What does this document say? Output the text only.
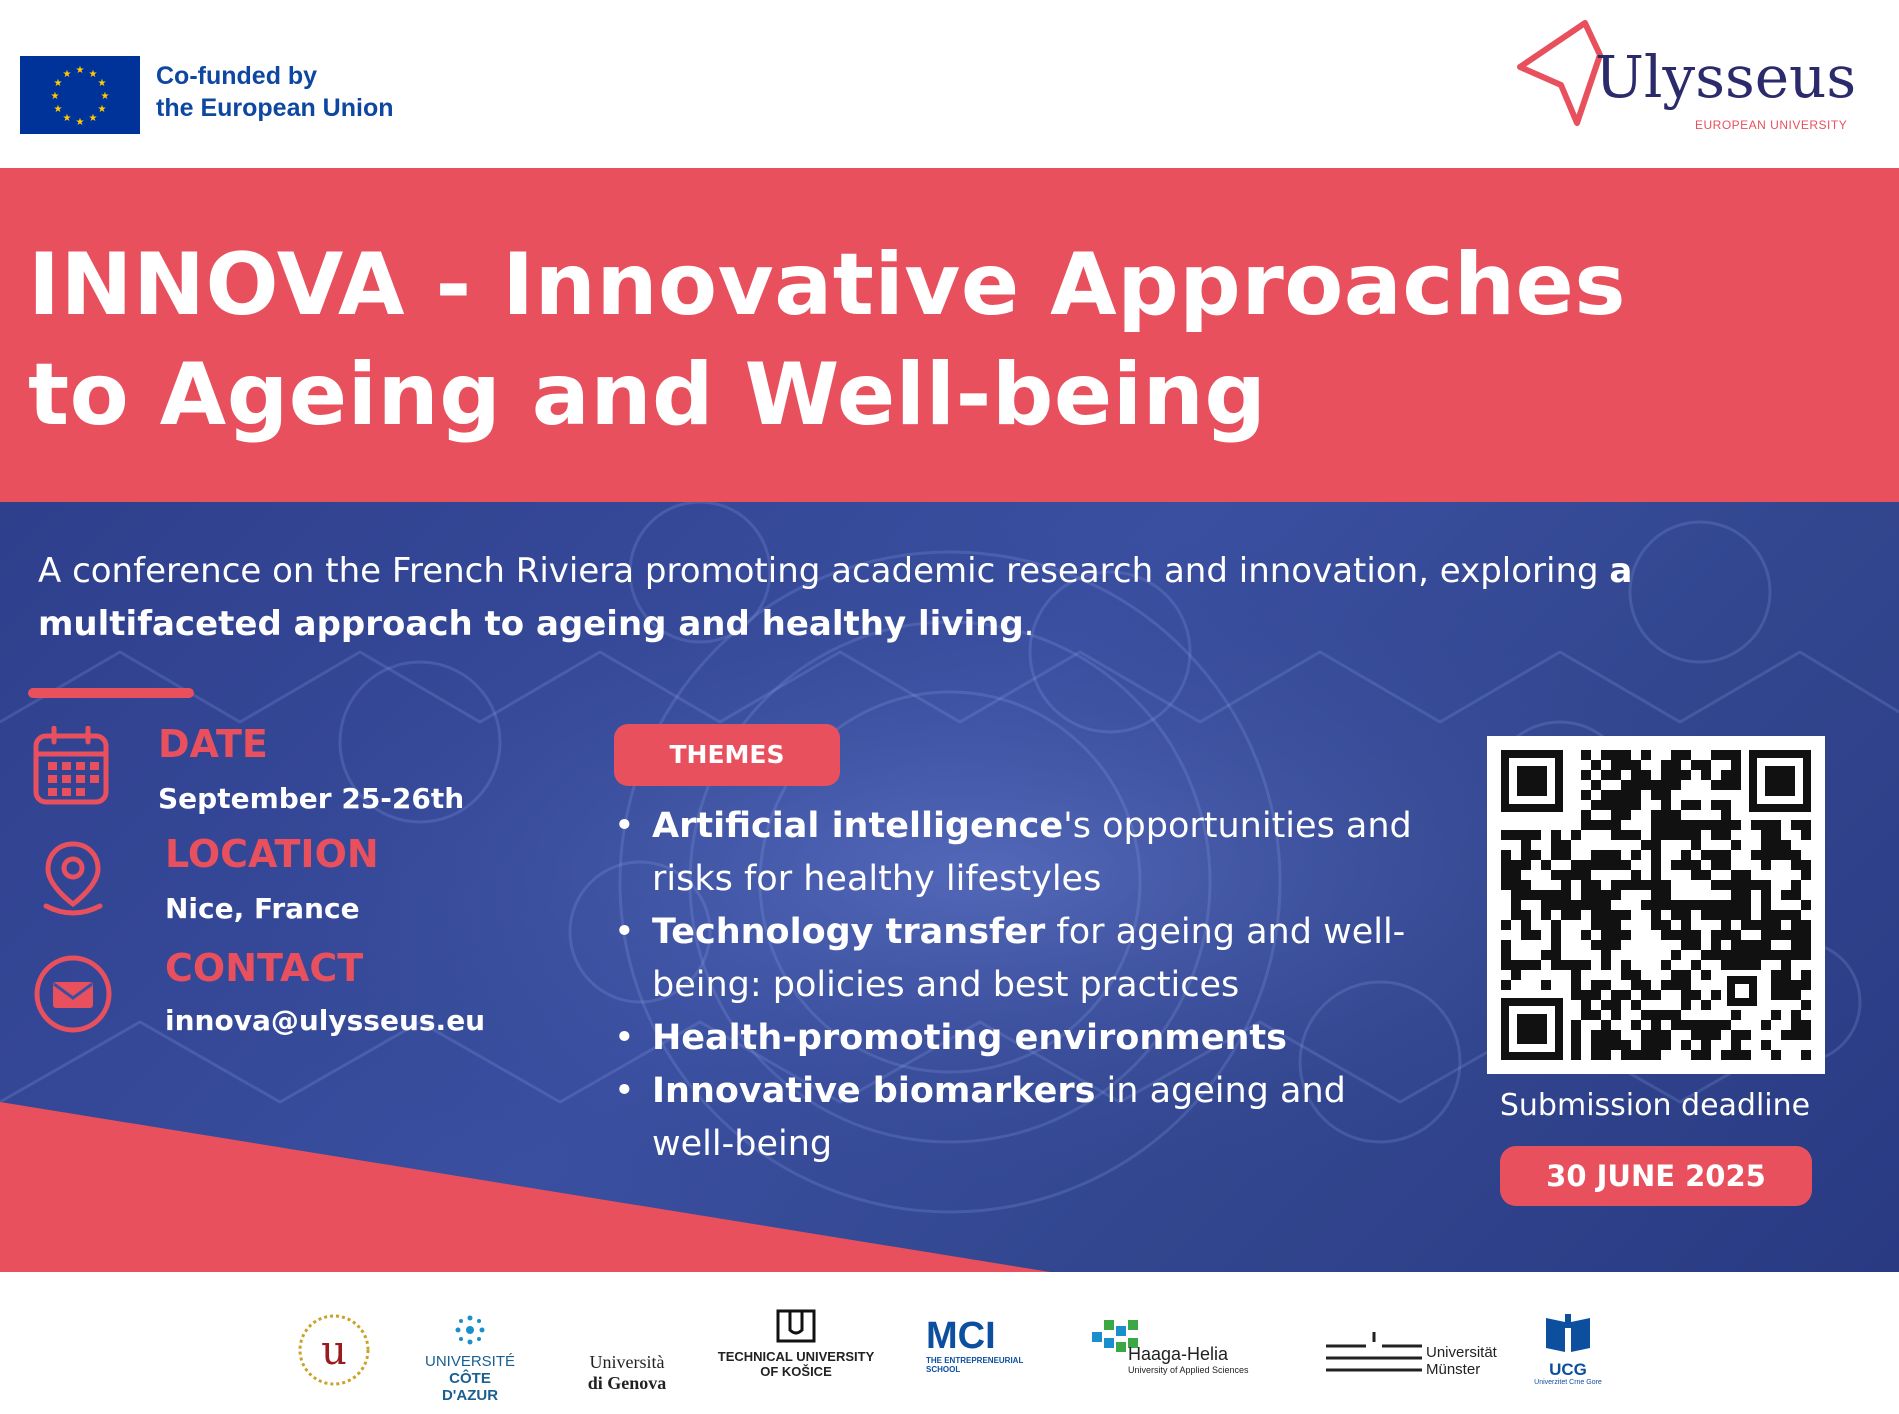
★ ★
★
★
★
★
★
★
★
★
★
★	Co-funded by
the European Union	Ulysseus
EUROPEAN UNIVERSITY
INNOVA - Innovative Approaches
to Ageing and Well-being
A conference on the French Riviera promoting academic research and innovation, exploring a multifaceted approach to ageing and healthy living.
DATE
September 25-26th
LOCATION
Nice, France
CONTACT
innova@ulysseus.eu
THEMES
• Artificial intelligence's opportunities and risks for healthy lifestyles
• Technology transfer for ageing and well-being: policies and best practices
• Health-promoting environments
• Innovative biomarkers in ageing and well-being
Submission deadline
30 JUNE 2025
u	UNIVERSITÉ
CÔTE D'AZUR
Università
di Genova
TECHNICAL UNIVERSITY
OF KOŠICE
MCI
THE ENTREPRENEURIAL SCHOOL
Haaga-Helia
University of Applied Sciences
Universität
Münster	UCG
Univerzitet Crne Gore
